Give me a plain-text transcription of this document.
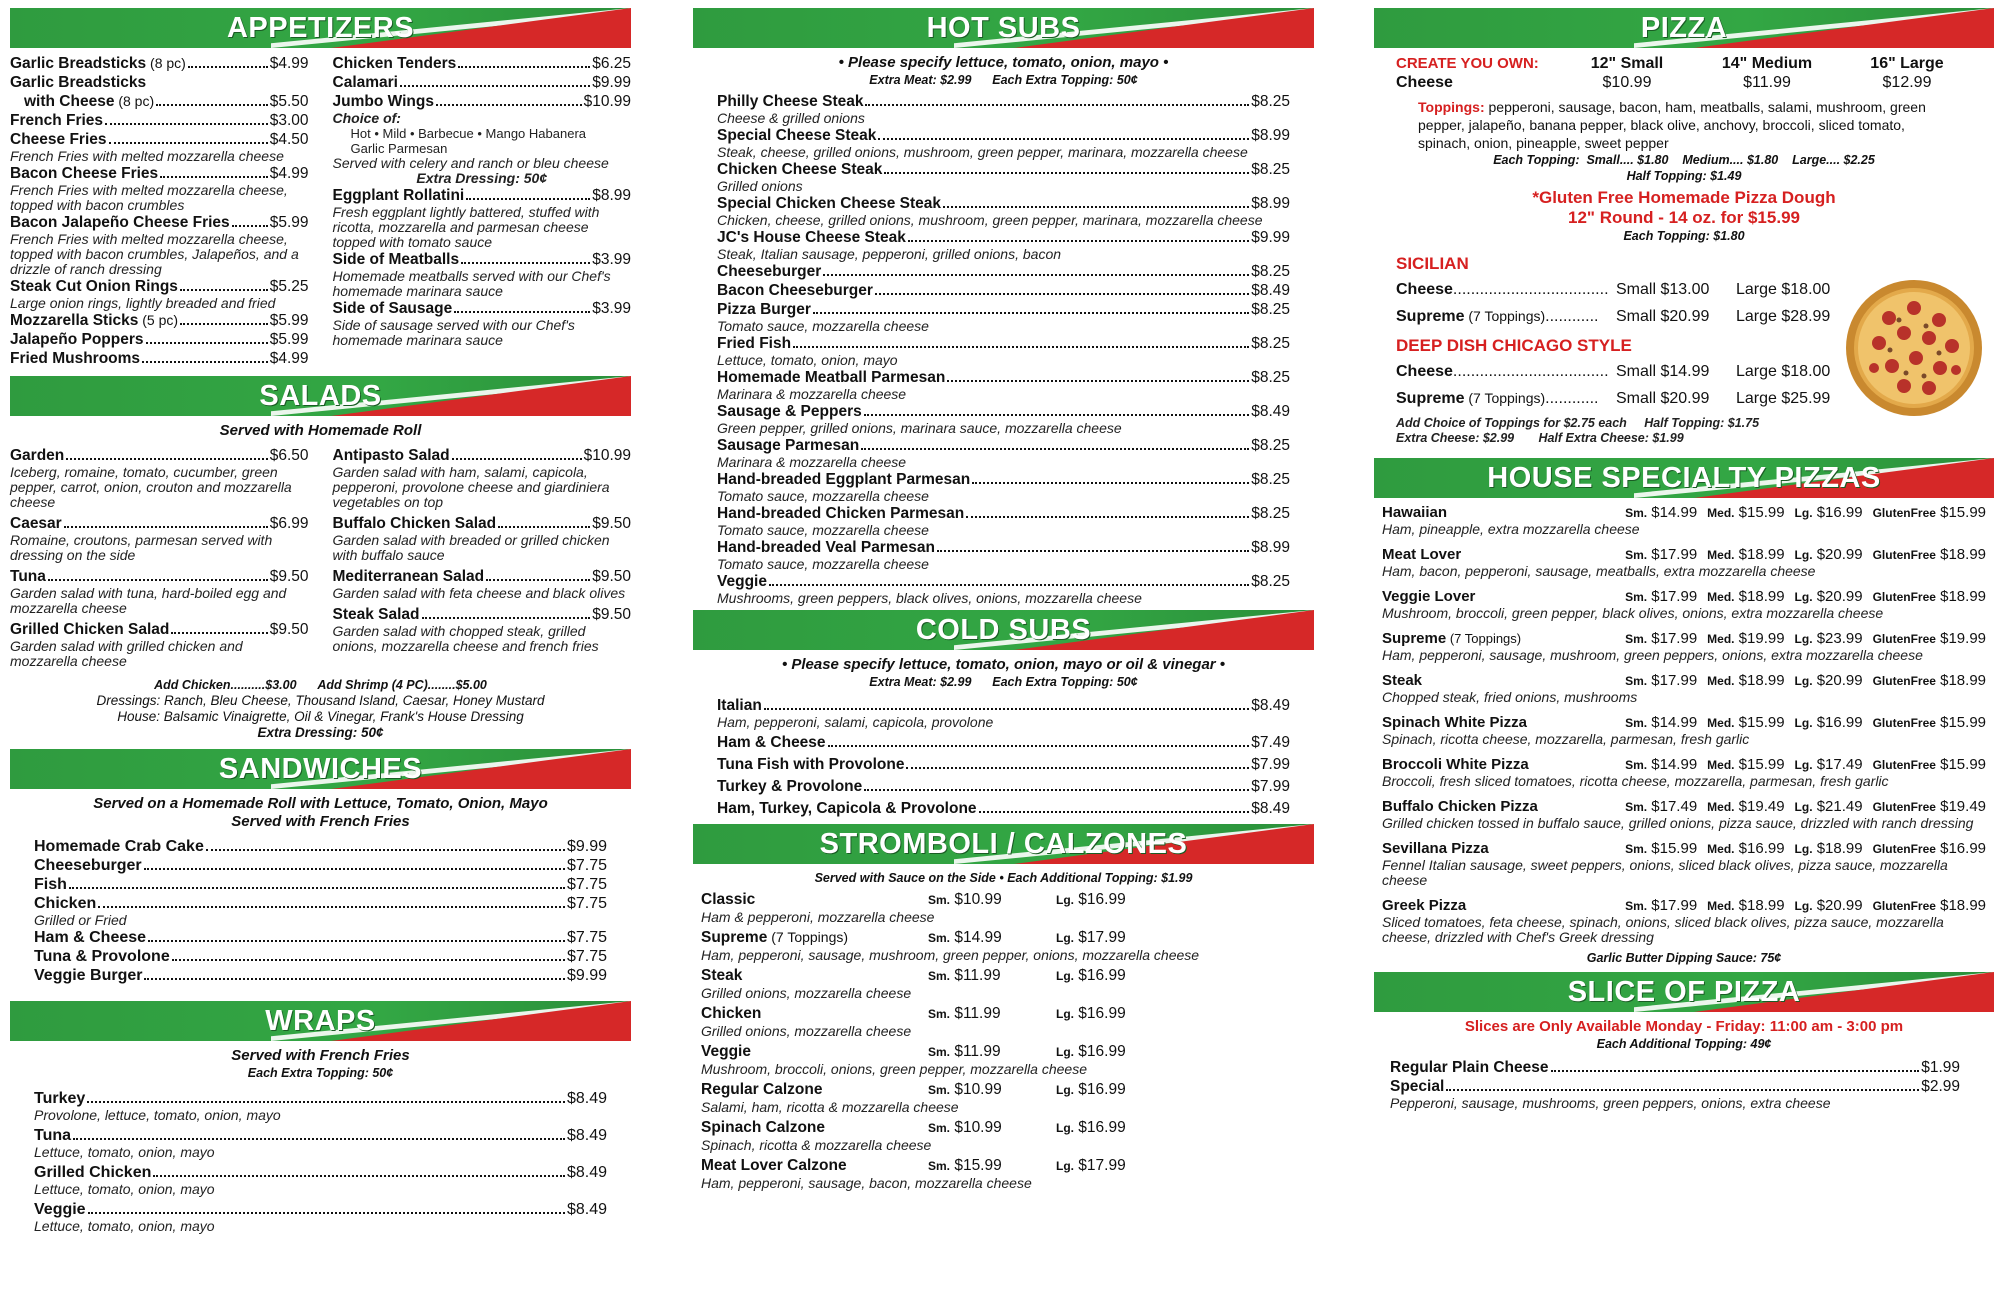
APPETIZERS
Garlic Breadsticks (8 pc)	$4.99
Garlic Breadsticks
with Cheese (8 pc)	$5.50
French Fries	$3.00
Cheese Fries	$4.50
French Fries with melted mozzarella cheese
Bacon Cheese Fries	$4.99
French Fries with melted mozzarella cheese, topped with bacon crumbles
Bacon Jalapeño Cheese Fries	$5.99
French Fries with melted mozzarella cheese, topped with bacon crumbles, Jalapeños, and a drizzle of ranch dressing
Steak Cut Onion Rings	$5.25
Large onion rings, lightly breaded and fried
Mozzarella Sticks (5 pc)	$5.99
Jalapeño Poppers	$5.99
Fried Mushrooms	$4.99
Chicken Tenders	$6.25
Calamari	$9.99
Jumbo Wings	$10.99
Choice of:
Hot • Mild • Barbecue • Mango Habanera
Garlic Parmesan
Served with celery and ranch or bleu cheese
Extra Dressing: 50¢
Eggplant Rollatini	$8.99
Fresh eggplant lightly battered, stuffed with ricotta, mozzarella and parmesan cheese topped with tomato sauce
Side of Meatballs	$3.99
Homemade meatballs served with our Chef's homemade marinara sauce
Side of Sausage	$3.99
Side of sausage served with our Chef's homemade marinara sauce
SALADS
Served with Homemade Roll
Garden	$6.50
Iceberg, romaine, tomato, cucumber, green pepper, carrot, onion, crouton and mozzarella cheese
Caesar	$6.99
Romaine, croutons, parmesan served with dressing on the side
Tuna	$9.50
Garden salad with tuna, hard-boiled egg and mozzarella cheese
Grilled Chicken Salad	$9.50
Garden salad with grilled chicken and mozzarella cheese
Antipasto Salad	$10.99
Garden salad with ham, salami, capicola, pepperoni, provolone cheese and giardiniera vegetables on top
Buffalo Chicken Salad	$9.50
Garden salad with breaded or grilled chicken with buffalo sauce
Mediterranean Salad	$9.50
Garden salad with feta cheese and black olives
Steak Salad	$9.50
Garden salad with chopped steak, grilled onions, mozzarella cheese and french fries
Add Chicken..........$3.00 Add Shrimp (4 PC)........$5.00
Dressings: Ranch, Bleu Cheese, Thousand Island, Caesar, Honey Mustard
House: Balsamic Vinaigrette, Oil & Vinegar, Frank's House Dressing
Extra Dressing: 50¢
SANDWICHES
Served on a Homemade Roll with Lettuce, Tomato, Onion, Mayo
Served with French Fries
Homemade Crab Cake	$9.99
Cheeseburger	$7.75
Fish	$7.75
Chicken	$7.75
Grilled or Fried
Ham & Cheese	$7.75
Tuna & Provolone	$7.75
Veggie Burger	$9.99
WRAPS
Served with French Fries
Each Extra Topping: 50¢
Turkey	$8.49
Provolone, lettuce, tomato, onion, mayo
Tuna	$8.49
Lettuce, tomato, onion, mayo
Grilled Chicken	$8.49
Lettuce, tomato, onion, mayo
Veggie	$8.49
Lettuce, tomato, onion, mayo
HOT SUBS
• Please specify lettuce, tomato, onion, mayo •
Extra Meat: $2.99      Each Extra Topping: 50¢
Philly Cheese Steak	$8.25
Cheese & grilled onions
Special Cheese Steak	$8.99
Steak, cheese, grilled onions, mushroom, green pepper, marinara, mozzarella cheese
Chicken Cheese Steak	$8.25
Grilled onions
Special Chicken Cheese Steak	$8.99
Chicken, cheese, grilled onions, mushroom, green pepper, marinara, mozzarella cheese
JC's House Cheese Steak	$9.99
Steak, Italian sausage, pepperoni, grilled onions, bacon
Cheeseburger	$8.25
Bacon Cheeseburger	$8.49
Pizza Burger	$8.25
Tomato sauce, mozzarella cheese
Fried Fish	$8.25
Lettuce, tomato, onion, mayo
Homemade Meatball Parmesan	$8.25
Marinara & mozzarella cheese
Sausage & Peppers	$8.49
Green pepper, grilled onions, marinara sauce, mozzarella cheese
Sausage Parmesan	$8.25
Marinara & mozzarella cheese
Hand-breaded Eggplant Parmesan	$8.25
Tomato sauce, mozzarella cheese
Hand-breaded Chicken Parmesan	$8.25
Tomato sauce, mozzarella cheese
Hand-breaded Veal Parmesan	$8.99
Tomato sauce, mozzarella cheese
Veggie	$8.25
Mushrooms, green peppers, black olives, onions, mozzarella cheese
COLD SUBS
• Please specify lettuce, tomato, onion, mayo or oil & vinegar •
Extra Meat: $2.99      Each Extra Topping: 50¢
Italian	$8.49
Ham, pepperoni, salami, capicola, provolone
Ham & Cheese	$7.49
Tuna Fish with Provolone	$7.99
Turkey & Provolone	$7.99
Ham, Turkey, Capicola & Provolone	$8.49
STROMBOLI / CALZONES
Served with Sauce on the Side • Each Additional Topping: $1.99
Classic	Sm. $10.99	Lg. $16.99
Ham & pepperoni, mozzarella cheese
Supreme (7 Toppings)	Sm. $14.99	Lg. $17.99
Ham, pepperoni, sausage, mushroom, green pepper, onions, mozzarella cheese
Steak	Sm. $11.99	Lg. $16.99
Grilled onions, mozzarella cheese
Chicken	Sm. $11.99	Lg. $16.99
Grilled onions, mozzarella cheese
Veggie	Sm. $11.99	Lg. $16.99
Mushroom, broccoli, onions, green pepper, mozzarella cheese
Regular Calzone	Sm. $10.99	Lg. $16.99
Salami, ham, ricotta & mozzarella cheese
Spinach Calzone	Sm. $10.99	Lg. $16.99
Spinach, ricotta & mozzarella cheese
Meat Lover Calzone	Sm. $15.99	Lg. $17.99
Ham, pepperoni, sausage, bacon, mozzarella cheese
PIZZA
CREATE YOU OWN:	12" Small	14" Medium	16" Large
Cheese	$10.99	$11.99	$12.99
Toppings: pepperoni, sausage, bacon, ham, meatballs, salami, mushroom, green pepper, jalapeño, banana pepper, black olive, anchovy, broccoli, sliced tomato, spinach, onion, pineapple, sweet pepper
Each Topping:  Small.... $1.80    Medium.... $1.80    Large.... $2.25
Half Topping: $1.49
*Gluten Free Homemade Pizza Dough
12" Round - 14 oz. for $15.99
Each Topping: $1.80
SICILIAN
Cheese................................... Small $13.00	Large $18.00
Supreme (7 Toppings)............	Small $20.99	Large $28.99
DEEP DISH CHICAGO STYLE
Cheese................................... Small $14.99	Large $18.00
Supreme (7 Toppings)............	Small $20.99	Large $25.99
Add Choice of Toppings for $2.75 each Half Topping: $1.75
Extra Cheese: $2.99 Half Extra Cheese: $1.99
HOUSE SPECIALTY PIZZAS
Hawaiian	Sm. $14.99 Med. $15.99 Lg. $16.99 GlutenFree $15.99
Ham, pineapple, extra mozzarella cheese
Meat Lover	Sm. $17.99 Med. $18.99 Lg. $20.99 GlutenFree $18.99
Ham, bacon, pepperoni, sausage, meatballs, extra mozzarella cheese
Veggie Lover	Sm. $17.99 Med. $18.99 Lg. $20.99 GlutenFree $18.99
Mushroom, broccoli, green pepper, black olives, onions, extra mozzarella cheese
Supreme (7 Toppings)	Sm. $17.99 Med. $19.99 Lg. $23.99 GlutenFree $19.99
Ham, pepperoni, sausage, mushroom, green peppers, onions, extra mozzarella cheese
Steak	Sm. $17.99 Med. $18.99 Lg. $20.99 GlutenFree $18.99
Chopped steak, fried onions, mushrooms
Spinach White Pizza	Sm. $14.99 Med. $15.99 Lg. $16.99 GlutenFree $15.99
Spinach, ricotta cheese, mozzarella, parmesan, fresh garlic
Broccoli White Pizza	Sm. $14.99 Med. $15.99 Lg. $17.49 GlutenFree $15.99
Broccoli, fresh sliced tomatoes, ricotta cheese, mozzarella, parmesan, fresh garlic
Buffalo Chicken Pizza	Sm. $17.49 Med. $19.49 Lg. $21.49 GlutenFree $19.49
Grilled chicken tossed in buffalo sauce, grilled onions, pizza sauce, drizzled with ranch dressing
Sevillana Pizza	Sm. $15.99 Med. $16.99 Lg. $18.99 GlutenFree $16.99
Fennel Italian sausage, sweet peppers, onions, sliced black olives, pizza sauce, mozzarella cheese
Greek Pizza	Sm. $17.99 Med. $18.99 Lg. $20.99 GlutenFree $18.99
Sliced tomatoes, feta cheese, spinach, onions, sliced black olives, pizza sauce, mozzarella cheese, drizzled with Chef's Greek dressing
Garlic Butter Dipping Sauce: 75¢
SLICE OF PIZZA
Slices are Only Available Monday - Friday: 11:00 am - 3:00 pm
Each Additional Topping: 49¢
Regular Plain Cheese	$1.99
Special	$2.99
Pepperoni, sausage, mushrooms, green peppers, onions, extra cheese
